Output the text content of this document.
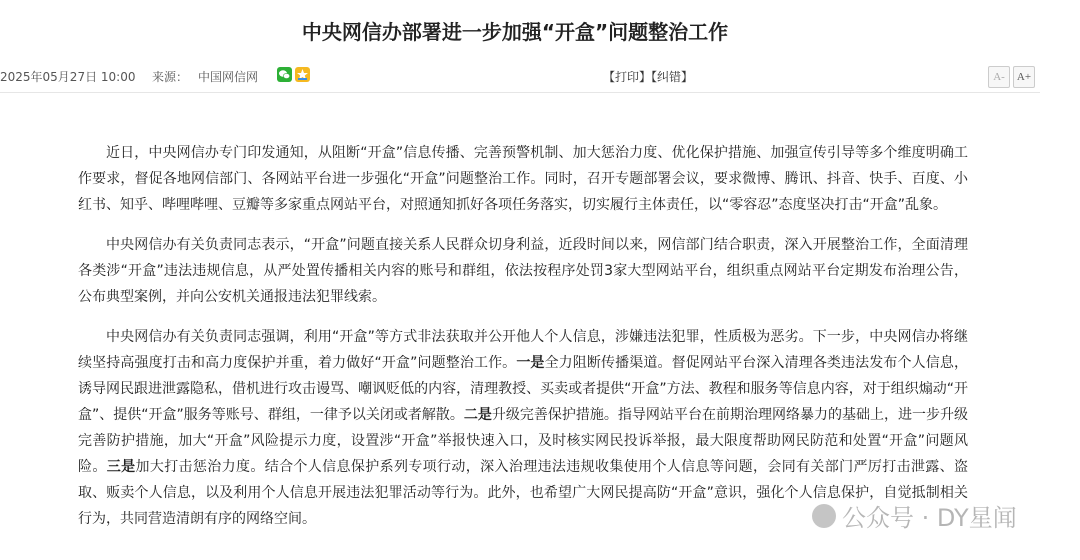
中央网信办部署进一步加强“开盒”问题整治工作
2025年05月27日 10:00 来源： 中国网信网	【打印】【纠错】	A-	A+

近日，中央网信办专门印发通知，从阻断“开盒”信息传播、完善预警机制、加大惩治力度、优化保护措施、加强宣传引导等多个维度明确工作要求，督促各地网信部门、各网站平台进一步强化“开盒”问题整治工作。同时，召开专题部署会议，要求微博、腾讯、抖音、快手、百度、小红书、知乎、哔哩哔哩、豆瓣等多家重点网站平台，对照通知抓好各项任务落实，切实履行主体责任，以“零容忍”态度坚决打击“开盒”乱象。

中央网信办有关负责同志表示，“开盒”问题直接关系人民群众切身利益，近段时间以来，网信部门结合职责，深入开展整治工作，全面清理各类涉“开盒”违法违规信息，从严处置传播相关内容的账号和群组，依法按程序处罚3家大型网站平台，组织重点网站平台定期发布治理公告，公布典型案例，并向公安机关通报违法犯罪线索。

中央网信办有关负责同志强调，利用“开盒”等方式非法获取并公开他人个人信息，涉嫌违法犯罪，性质极为恶劣。下一步，中央网信办将继续坚持高强度打击和高力度保护并重，着力做好“开盒”问题整治工作。一是全力阻断传播渠道。督促网站平台深入清理各类违法发布个人信息，诱导网民跟进泄露隐私，借机进行攻击谩骂、嘲讽贬低的内容，清理教授、买卖或者提供“开盒”方法、教程和服务等信息内容，对于组织煽动“开盒”、提供“开盒”服务等账号、群组，一律予以关闭或者解散。二是升级完善保护措施。指导网站平台在前期治理网络暴力的基础上，进一步升级完善防护措施，加大“开盒”风险提示力度，设置涉“开盒”举报快速入口，及时核实网民投诉举报，最大限度帮助网民防范和处置“开盒”问题风险。三是加大打击惩治力度。结合个人信息保护系列专项行动，深入治理违法违规收集使用个人信息等问题，会同有关部门严厉打击泄露、盗取、贩卖个人信息，以及利用个人信息开展违法犯罪活动等行为。此外，也希望广大网民提高防“开盒”意识，强化个人信息保护，自觉抵制相关行为，共同营造清朗有序的网络空间。	公众号 · DY星闻
